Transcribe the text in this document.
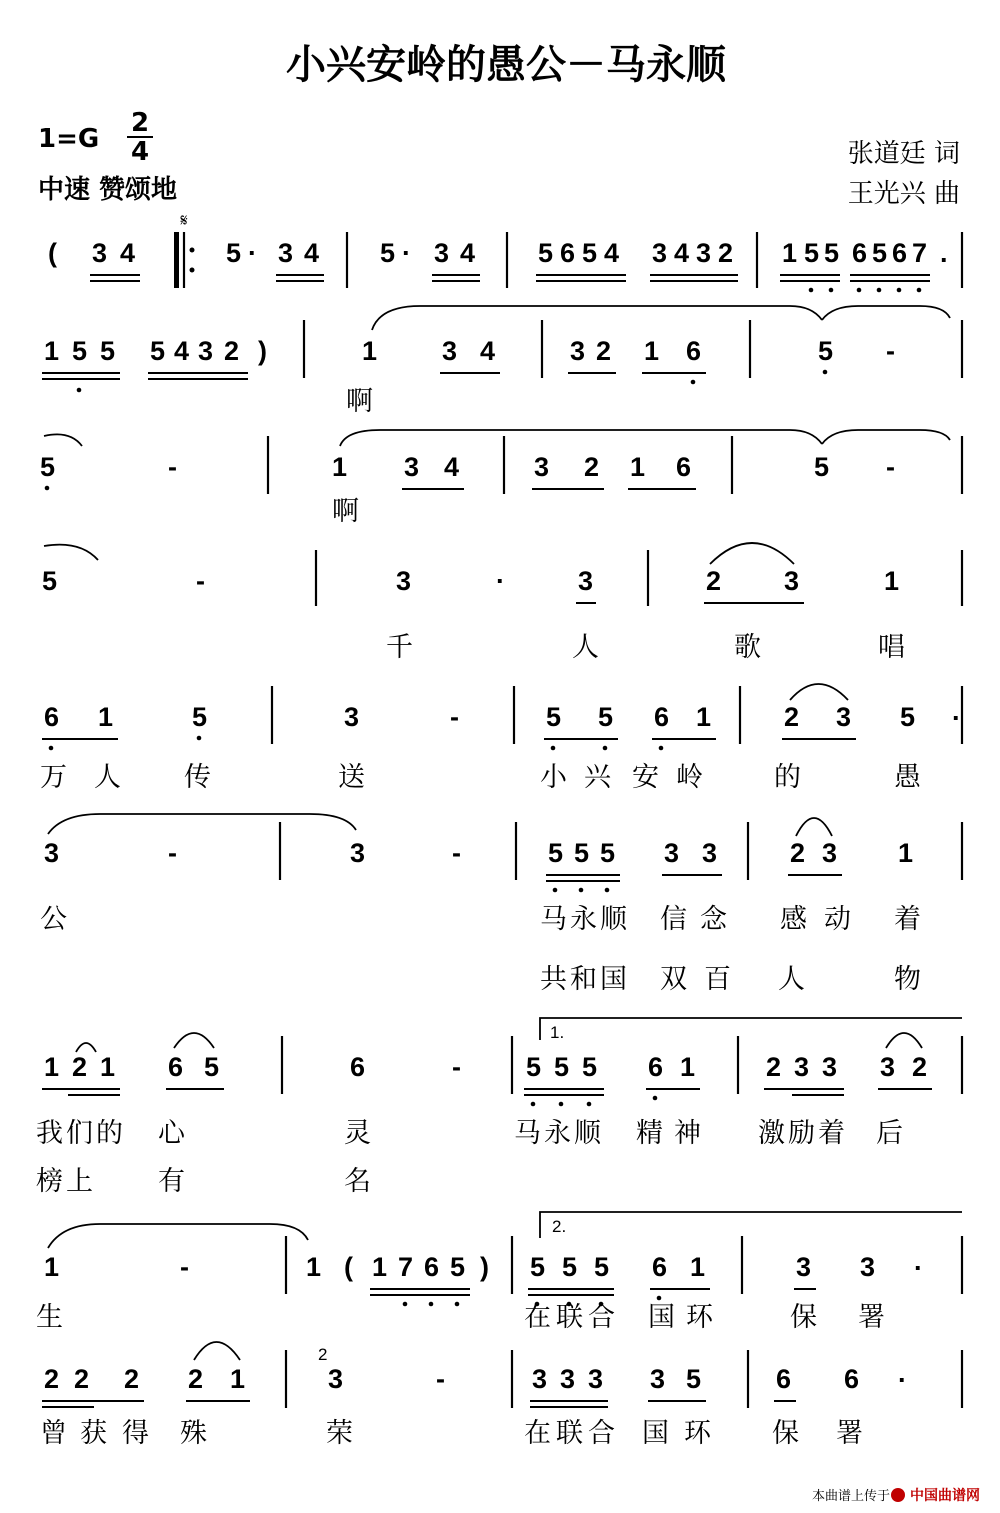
小兴安岭的愚公－马永顺
1=G
2
4
中速 赞颂地
张道廷 词
王光兴 曲
( 3 4
𝄋
5 · 3 4 5 · 3 4 5 6 5 4 3 4 3 2 1 5 5 6 5 6 7 .
1 5 5 5 4 3 2 )	1 3 4	3 2 1 6	5 -
啊
5	-	1 3 4	3 2 1 6	5 -
啊
5	-	3	·	3	2 3	1
千	人	歌	唱
6 1	5	3	-	5 5 6 1	2 3 5 .
万 人 传	送	小 兴 安 岭	的	愚
3	-	3	-	5 5 5 3 3	2 3 1
公	马 永 顺 信 念 感 动 着
共 和 国 双 百 人	物
1 2 1 6 5	6	-
1.
5 5 5 6 1	2 3 3 3 2
我 们 的 心	灵	马 永 顺 精 神 激 励 着 后
榜 上 有	名
1	-	1 ( 1 7 6 5 )
2.
5 5 5 6 1	3 3 .
生	在 联 合 国 环	保 署
2 2 2 2 1
2
3	-	3 3 3 3 5	6 6 .
曾 获 得 殊	荣	在 联 合 国 环 保 署
本曲谱上传于 中国曲谱网
